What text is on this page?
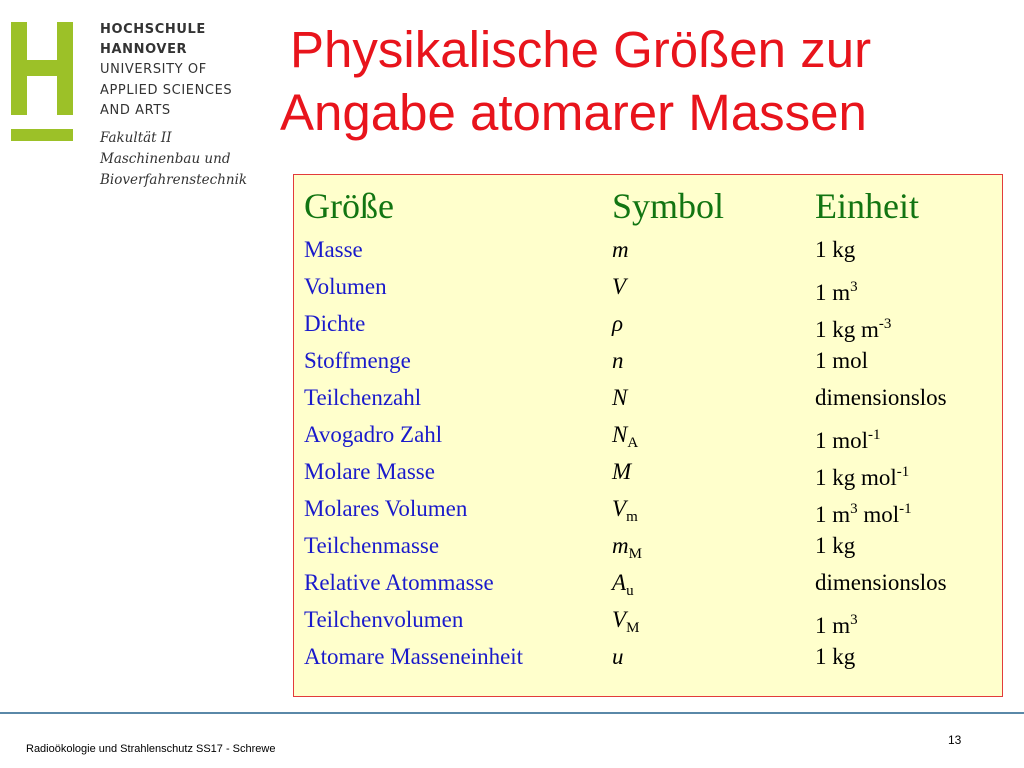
HOCHSCHULE
HANNOVER
UNIVERSITY OF
APPLIED SCIENCES
AND ARTS
Fakultät II
Maschinenbau und
Bioverfahrenstechnik
Physikalische Größen zur
Angabe atomarer Massen
Größe	Symbol	Einheit
Masse	m	1 kg
Volumen	V	1 $m^3$
Dichte	ρ	1 kg $m^{-3}$
Stoffmenge	n	1 mol
Teilchenzahl	N	dimensionslos
Avogadro Zahl	$N_A$	1 mol$^{-1}$
Molare Masse	M	1 kg mol$^{-1}$
Molares Volumen	$V_m$	1 $m^3$ mol$^{-1}$
Teilchenmasse	$m_M$	1 kg
Relative Atommasse	$A_u$	dimensionslos
Teilchenvolumen	$V_M$	1 $m^3$
Atomare Masseneinheit	u	1 kg
Radioökologie und Strahlenschutz SS17 - Schrewe
13
